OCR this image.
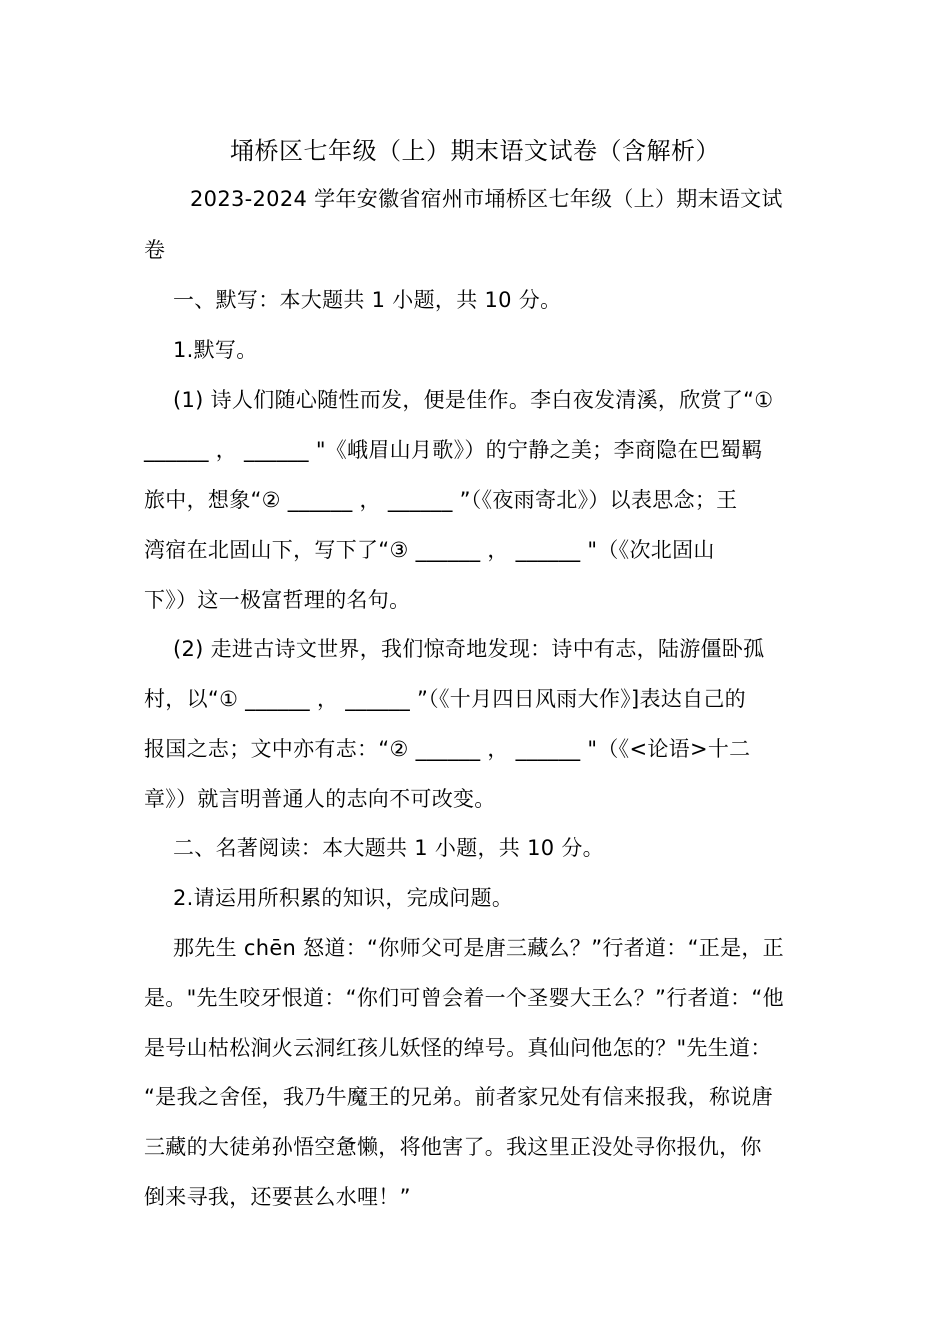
埇桥区七年级（上）期末语文试卷（含解析）
2023-2024 学年安徽省宿州市埇桥区七年级（上）期末语文试
卷
一、默写：本大题共 1 小题，共 10 分。
1.默写。
(1) 诗人们随心随性而发，便是佳作。李白夜发清溪，欣赏了“①
______ ， ______ "《峨眉山月歌》）的宁静之美；李商隐在巴蜀羁
旅中，想象“② ______ ， ______ ”（《夜雨寄北》）以表思念；王
湾宿在北固山下，写下了“③ ______ ， ______ "（《次北固山
下》）这一极富哲理的名句。
(2) 走进古诗文世界，我们惊奇地发现：诗中有志，陆游僵卧孤
村，以“① ______ ， ______ ”（《十月四日风雨大作》]表达自己的
报国之志；文中亦有志：“② ______ ， ______ "（《<论语>十二
章》）就言明普通人的志向不可改变。
二、名著阅读：本大题共 1 小题，共 10 分。
2.请运用所积累的知识，完成问题。
那先生 chēn 怒道：“你师父可是唐三藏么？”行者道：“正是，正
是。"先生咬牙恨道：“你们可曾会着一个圣婴大王么？”行者道：“他
是号山枯松涧火云洞红孩儿妖怪的绰号。真仙问他怎的？"先生道：
“是我之舍侄，我乃牛魔王的兄弟。前者家兄处有信来报我，称说唐
三藏的大徒弟孙悟空惫懒，将他害了。我这里正没处寻你报仇，你
倒来寻我，还要甚么水哩！”
